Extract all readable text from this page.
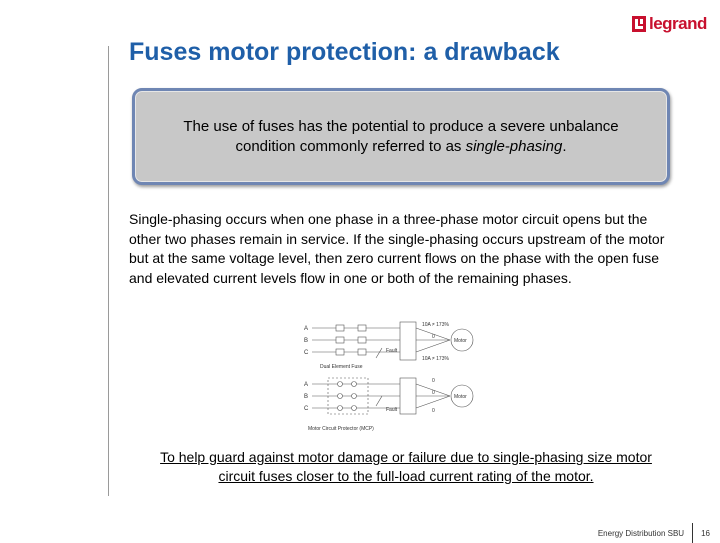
legrand
Fuses motor protection: a drawback
The use of fuses has the potential to produce a severe unbalance condition commonly referred to as single-phasing.
Single-phasing occurs when one phase in a three-phase motor circuit opens but the other two phases remain in service. If the single-phasing occurs upstream of the motor but at the same voltage level, then zero current flows on the phase with the open fuse and elevated current levels flow in one or both of the remaining phases.
A
B
C
10A ≠ 173%
0
10A ≠ 173%
Fault
Motor
Dual Element Fuse
A
B
C
0
0
0
Fault
Motor
Motor Circuit Protector (MCP)
To help guard against motor damage or failure due to single-phasing size motor circuit fuses closer to the full-load current rating of the motor.
Energy Distribution SBU 16
